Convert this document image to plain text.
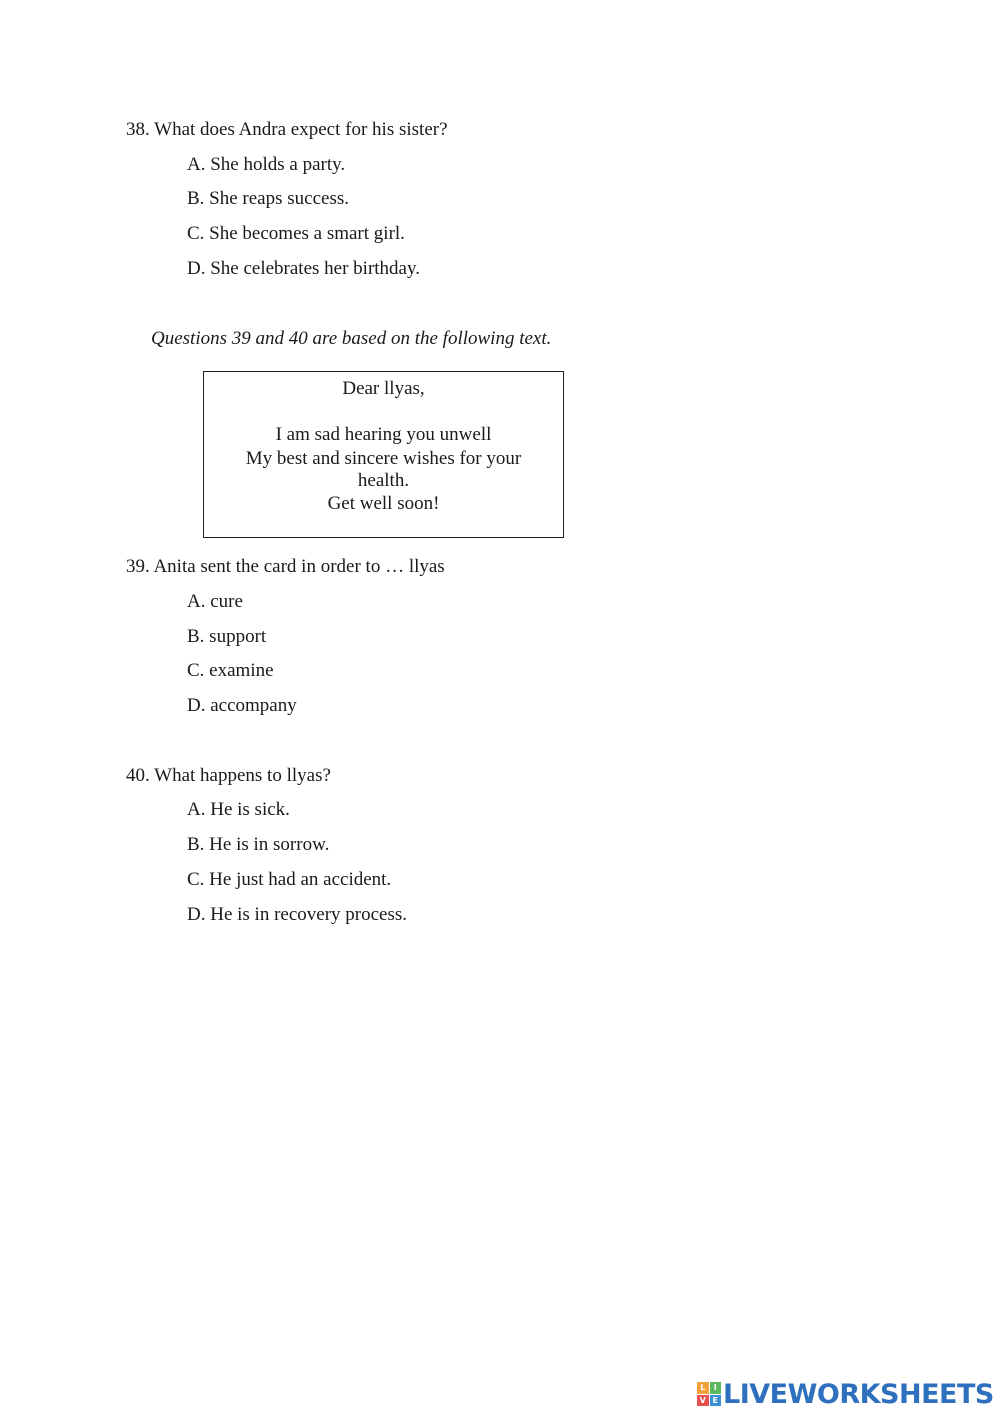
38. What does Andra expect for his sister?
A. She holds a party.
B. She reaps success.
C. She becomes a smart girl.
D. She celebrates her birthday.
Questions 39 and 40 are based on the following text.
Dear llyas,
I am sad hearing you unwell
My best and sincere wishes for your
health.
Get well soon!
39. Anita sent the card in order to … llyas
A. cure
B. support
C. examine
D. accompany
40. What happens to llyas?
A. He is sick.
B. He is in sorrow.
C. He just had an accident.
D. He is in recovery process.
L	I
V E LIVEWORKSHEETS
